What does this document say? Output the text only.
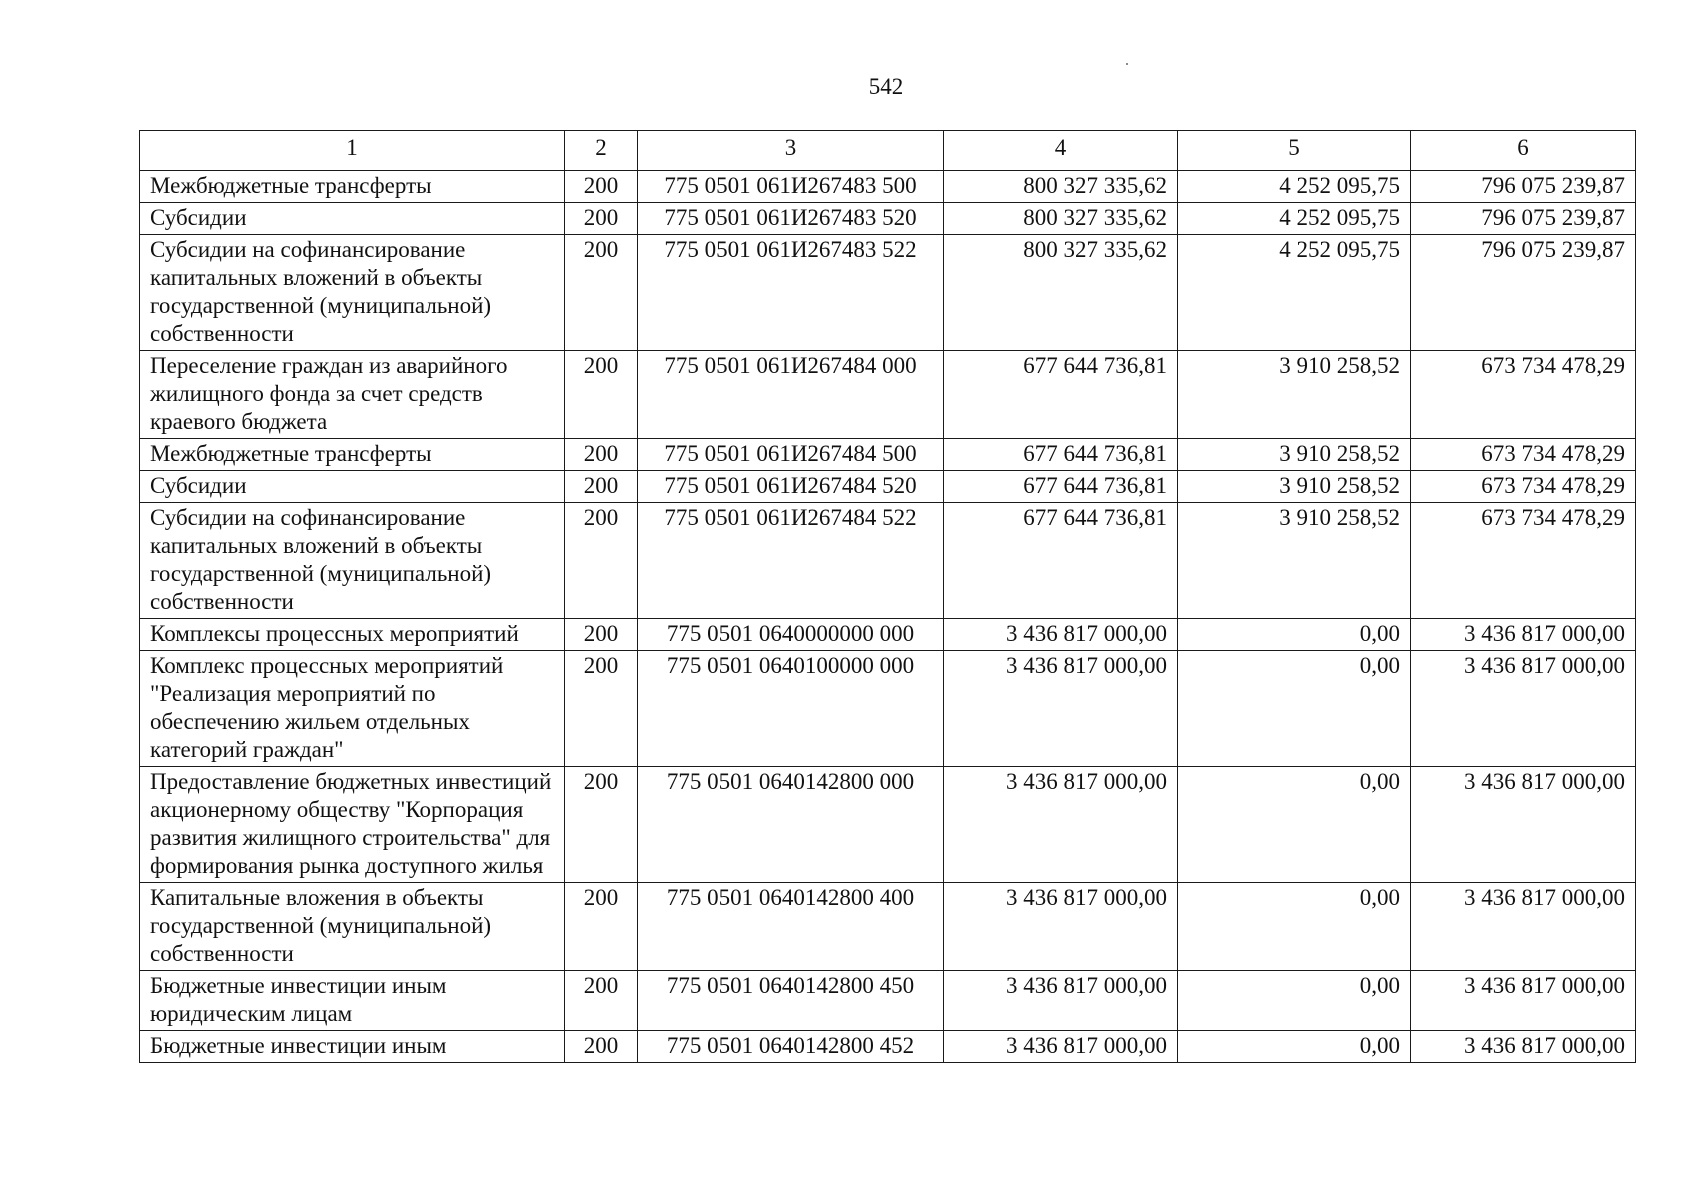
542
1	2	3	4	5	6
Межбюджетные трансферты	200	775 0501 061И267483 500	800 327 335,62	4 252 095,75	796 075 239,87
Субсидии	200	775 0501 061И267483 520	800 327 335,62	4 252 095,75	796 075 239,87
Субсидии на софинансирование капитальных вложений в объекты государственной (муниципальной) собственности	200	775 0501 061И267483 522	800 327 335,62	4 252 095,75	796 075 239,87
Переселение граждан из аварийного жилищного фонда за счет средств краевого бюджета	200	775 0501 061И267484 000	677 644 736,81	3 910 258,52	673 734 478,29
Межбюджетные трансферты	200	775 0501 061И267484 500	677 644 736,81	3 910 258,52	673 734 478,29
Субсидии	200	775 0501 061И267484 520	677 644 736,81	3 910 258,52	673 734 478,29
Субсидии на софинансирование капитальных вложений в объекты государственной (муниципальной) собственности	200	775 0501 061И267484 522	677 644 736,81	3 910 258,52	673 734 478,29
Комплексы процессных мероприятий	200	775 0501 0640000000 000	3 436 817 000,00	0,00	3 436 817 000,00
Комплекс процессных мероприятий "Реализация мероприятий по обеспечению жильем отдельных категорий граждан"	200	775 0501 0640100000 000	3 436 817 000,00	0,00	3 436 817 000,00
Предоставление бюджетных инвестиций акционерному обществу "Корпорация развития жилищного строительства" для формирования рынка доступного жилья	200	775 0501 0640142800 000	3 436 817 000,00	0,00	3 436 817 000,00
Капитальные вложения в объекты государственной (муниципальной) собственности	200	775 0501 0640142800 400	3 436 817 000,00	0,00	3 436 817 000,00
Бюджетные инвестиции иным юридическим лицам	200	775 0501 0640142800 450	3 436 817 000,00	0,00	3 436 817 000,00
Бюджетные инвестиции иным	200	775 0501 0640142800 452	3 436 817 000,00	0,00	3 436 817 000,00
